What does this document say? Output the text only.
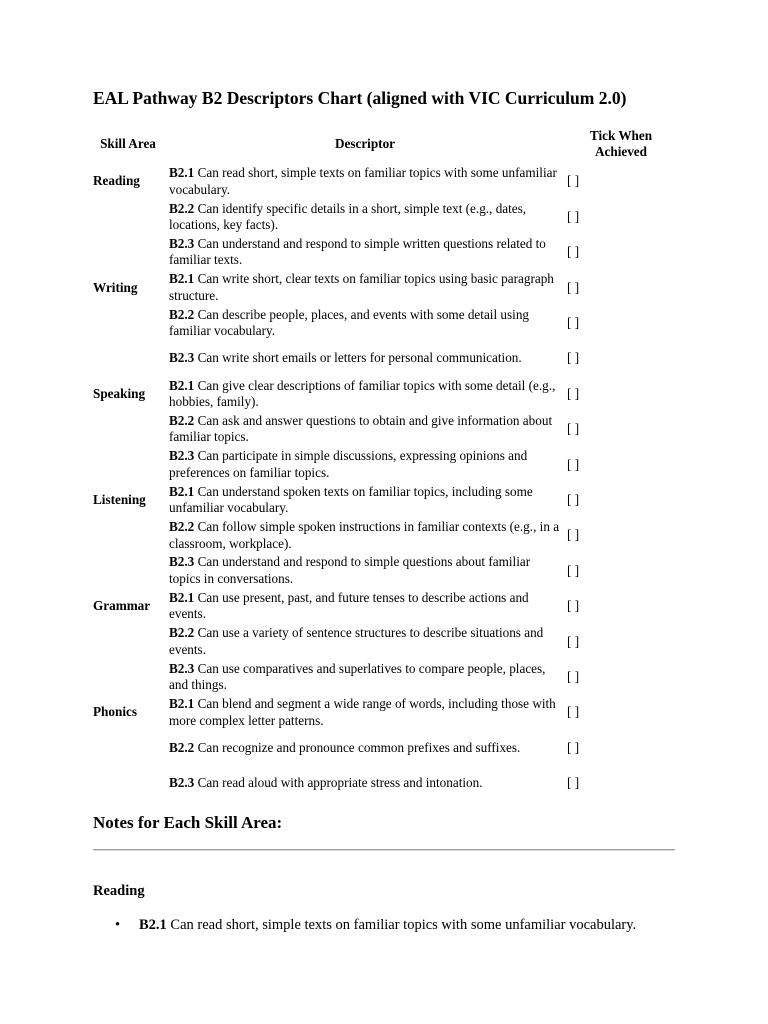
EAL Pathway B2 Descriptors Chart (aligned with VIC Curriculum 2.0)
Skill Area	Descriptor	Tick When Achieved
Reading	B2.1 Can read short, simple texts on familiar topics with some unfamiliar vocabulary.	[ ]
	B2.2 Can identify specific details in a short, simple text (e.g., dates, locations, key facts).	[ ]
	B2.3 Can understand and respond to simple written questions related to familiar texts.	[ ]
Writing	B2.1 Can write short, clear texts on familiar topics using basic paragraph structure.	[ ]
	B2.2 Can describe people, places, and events with some detail using familiar vocabulary.	[ ]
	B2.3 Can write short emails or letters for personal communication.	[ ]
Speaking	B2.1 Can give clear descriptions of familiar topics with some detail (e.g., hobbies, family).	[ ]
	B2.2 Can ask and answer questions to obtain and give information about familiar topics.	[ ]
	B2.3 Can participate in simple discussions, expressing opinions and preferences on familiar topics.	[ ]
Listening	B2.1 Can understand spoken texts on familiar topics, including some unfamiliar vocabulary.	[ ]
	B2.2 Can follow simple spoken instructions in familiar contexts (e.g., in a classroom, workplace).	[ ]
	B2.3 Can understand and respond to simple questions about familiar topics in conversations.	[ ]
Grammar	B2.1 Can use present, past, and future tenses to describe actions and events.	[ ]
	B2.2 Can use a variety of sentence structures to describe situations and events.	[ ]
	B2.3 Can use comparatives and superlatives to compare people, places, and things.	[ ]
Phonics	B2.1 Can blend and segment a wide range of words, including those with more complex letter patterns.	[ ]
	B2.2 Can recognize and pronounce common prefixes and suffixes.	[ ]
	B2.3 Can read aloud with appropriate stress and intonation.	[ ]
Notes for Each Skill Area:
Reading
• B2.1 Can read short, simple texts on familiar topics with some unfamiliar vocabulary.
